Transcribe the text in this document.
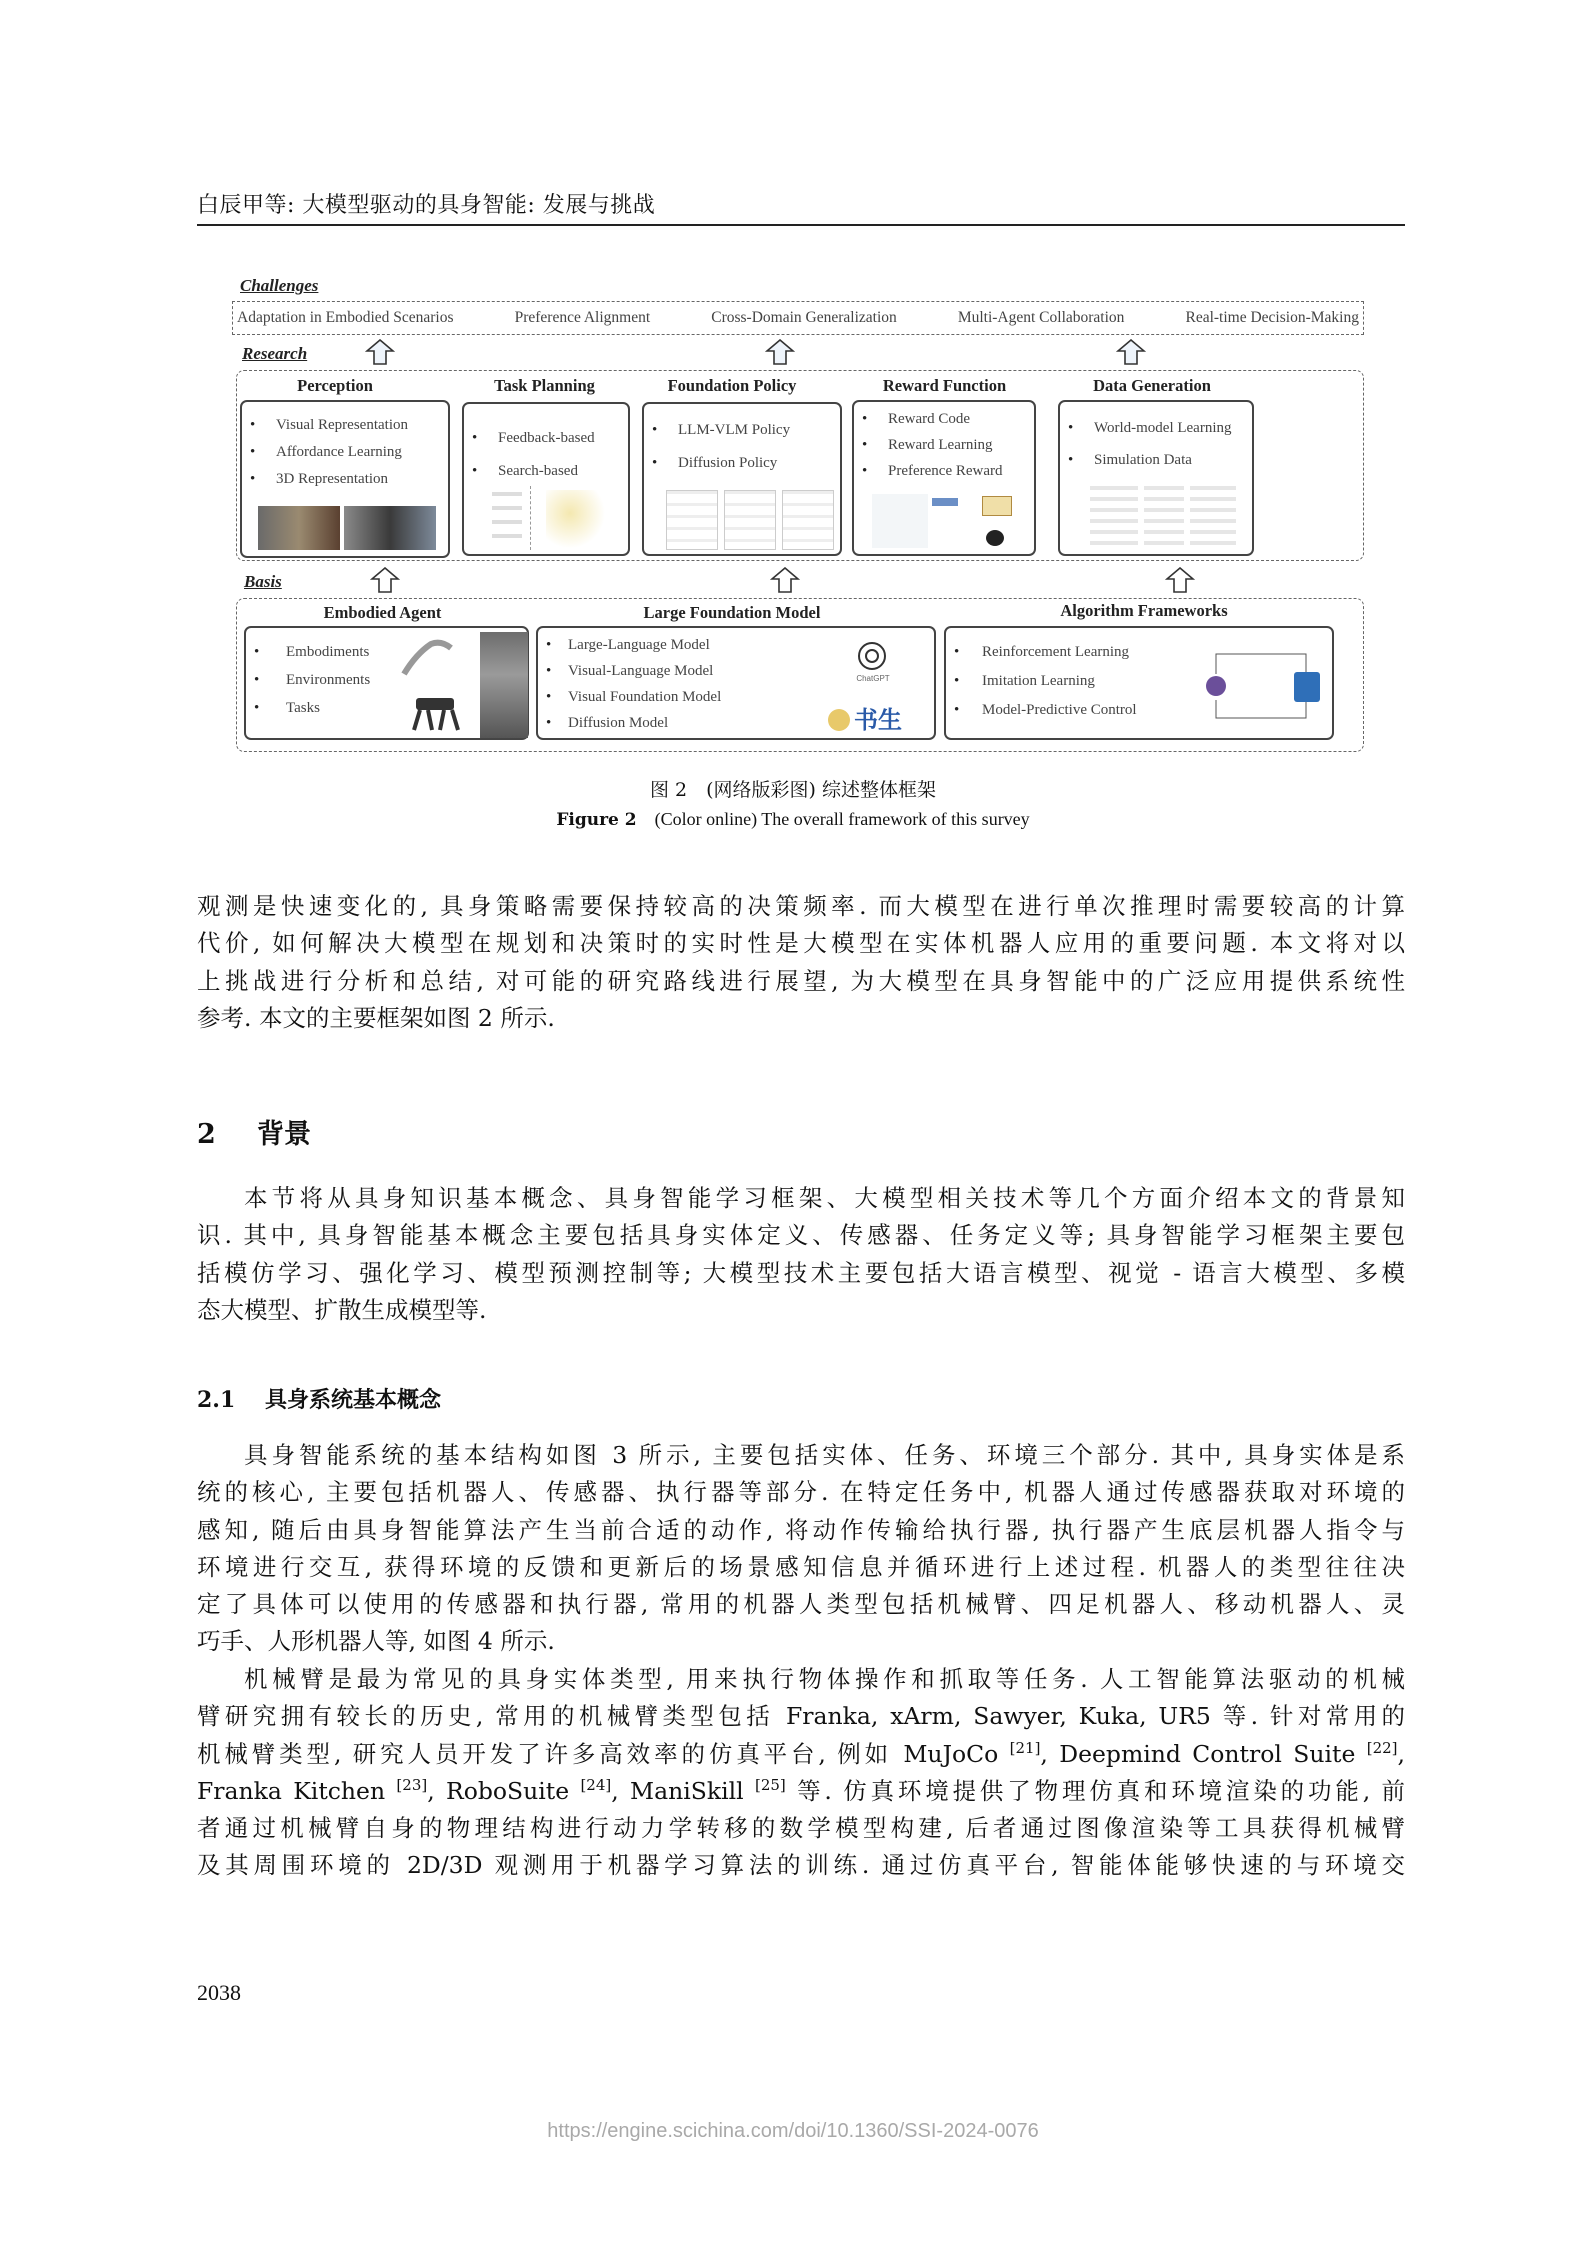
白辰甲等: 大模型驱动的具身智能: 发展与挑战
Challenges
Adaptation in Embodied Scenarios	Preference Alignment	Cross-Domain Generalization	Multi-Agent Collaboration	Real-time Decision-Making
Research
Perception
• Visual Representation
• Affordance Learning
• 3D Representation
Task Planning
• Feedback-based
• Search-based
Foundation Policy
• LLM-VLM Policy
• Diffusion Policy
Reward Function
• Reward Code
• Reward Learning
• Preference Reward
Data Generation
• World-model Learning
• Simulation Data
Basis
Embodied Agent
• Embodiments
• Environments
• Tasks
Large Foundation Model
• Large-Language Model
• Visual-Language Model
• Visual Foundation Model
• Diffusion Model
ChatGPT
书生
Algorithm Frameworks
• Reinforcement Learning
• Imitation Learning
• Model-Predictive Control
图 2　(网络版彩图) 综述整体框架
Figure 2 (Color online) The overall framework of this survey
观测是快速变化的, 具身策略需要保持较高的决策频率. 而大模型在进行单次推理时需要较高的计算
代价, 如何解决大模型在规划和决策时的实时性是大模型在实体机器人应用的重要问题. 本文将对以
上挑战进行分析和总结, 对可能的研究路线进行展望, 为大模型在具身智能中的广泛应用提供系统性
参考. 本文的主要框架如图 2 所示.
2 背景
本节将从具身知识基本概念、具身智能学习框架、大模型相关技术等几个方面介绍本文的背景知
识. 其中, 具身智能基本概念主要包括具身实体定义、传感器、任务定义等; 具身智能学习框架主要包
括模仿学习、强化学习、模型预测控制等; 大模型技术主要包括大语言模型、视觉 - 语言大模型、多模
态大模型、扩散生成模型等.
2.1 具身系统基本概念
具身智能系统的基本结构如图 3 所示, 主要包括实体、任务、环境三个部分. 其中, 具身实体是系
统的核心, 主要包括机器人、传感器、执行器等部分. 在特定任务中, 机器人通过传感器获取对环境的
感知, 随后由具身智能算法产生当前合适的动作, 将动作传输给执行器, 执行器产生底层机器人指令与
环境进行交互, 获得环境的反馈和更新后的场景感知信息并循环进行上述过程. 机器人的类型往往决
定了具体可以使用的传感器和执行器, 常用的机器人类型包括机械臂、四足机器人、移动机器人、灵
巧手、人形机器人等, 如图 4 所示.
机械臂是最为常见的具身实体类型, 用来执行物体操作和抓取等任务. 人工智能算法驱动的机械
臂研究拥有较长的历史, 常用的机械臂类型包括 Franka, xArm, Sawyer, Kuka, UR5 等. 针对常用的
机械臂类型, 研究人员开发了许多高效率的仿真平台, 例如 MuJoCo [21], Deepmind Control Suite [22],
Franka Kitchen [23], RoboSuite [24], ManiSkill [25] 等. 仿真环境提供了物理仿真和环境渲染的功能, 前
者通过机械臂自身的物理结构进行动力学转移的数学模型构建, 后者通过图像渲染等工具获得机械臂
及其周围环境的 2D/3D 观测用于机器学习算法的训练. 通过仿真平台, 智能体能够快速的与环境交
2038
https://engine.scichina.com/doi/10.1360/SSI-2024-0076
